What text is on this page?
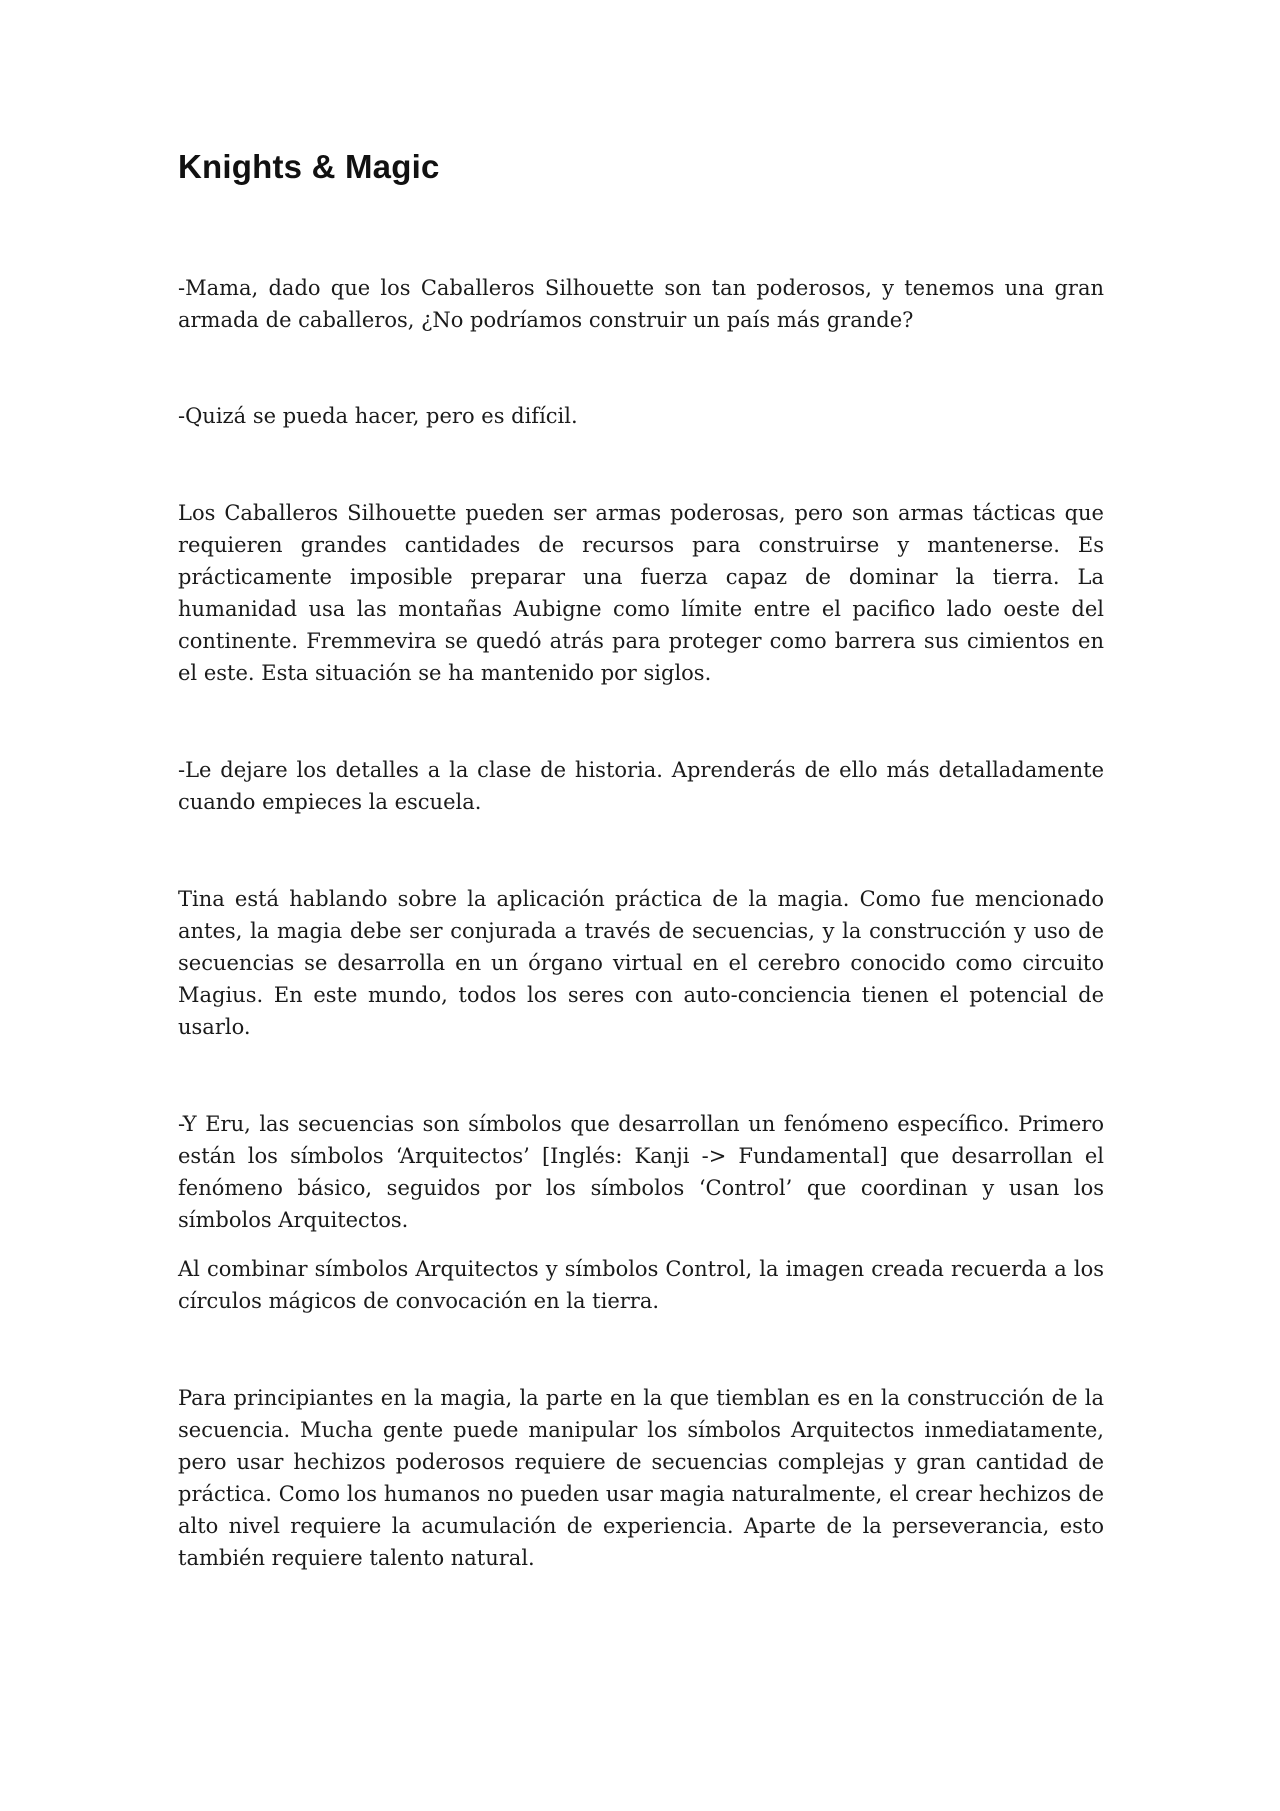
Knights & Magic

-Mama, dado que los Caballeros Silhouette son tan poderosos, y tenemos una gran armada de caballeros, ¿No podríamos construir un país más grande?

-Quizá se pueda hacer, pero es difícil.

Los Caballeros Silhouette pueden ser armas poderosas, pero son armas tácticas que requieren grandes cantidades de recursos para construirse y mantenerse. Es prácticamente imposible preparar una fuerza capaz de dominar la tierra. La humanidad usa las montañas Aubigne como límite entre el pacifico lado oeste del continente. Fremmevira se quedó atrás para proteger como barrera sus cimientos en el este. Esta situación se ha mantenido por siglos.

-Le dejare los detalles a la clase de historia. Aprenderás de ello más detalladamente cuando empieces la escuela.

Tina está hablando sobre la aplicación práctica de la magia. Como fue mencionado antes, la magia debe ser conjurada a través de secuencias, y la construcción y uso de secuencias se desarrolla en un órgano virtual en el cerebro conocido como circuito Magius. En este mundo, todos los seres con auto-conciencia tienen el potencial de usarlo.

-Y Eru, las secuencias son símbolos que desarrollan un fenómeno específico. Primero están los símbolos ‘Arquitectos’ [Inglés: Kanji -> Fundamental] que desarrollan el fenómeno básico, seguidos por los símbolos ‘Control’ que coordinan y usan los símbolos Arquitectos.

Al combinar símbolos Arquitectos y símbolos Control, la imagen creada recuerda a los círculos mágicos de convocación en la tierra.

Para principiantes en la magia, la parte en la que tiemblan es en la construcción de la secuencia. Mucha gente puede manipular los símbolos Arquitectos inmediatamente, pero usar hechizos poderosos requiere de secuencias complejas y gran cantidad de práctica. Como los humanos no pueden usar magia naturalmente, el crear hechizos de alto nivel requiere la acumulación de experiencia. Aparte de la perseverancia, esto también requiere talento natural.
